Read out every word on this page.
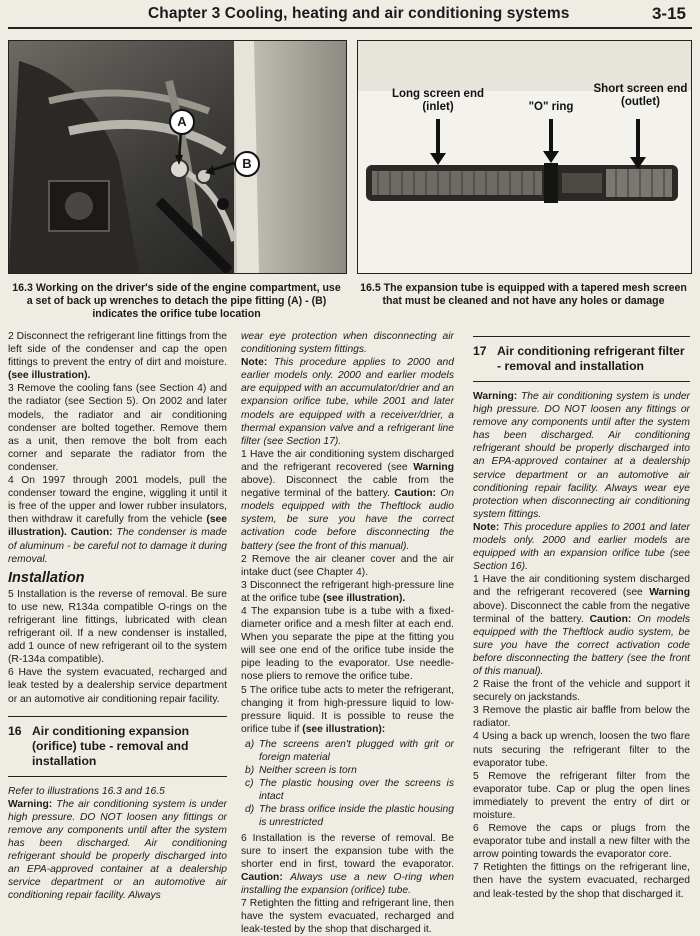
Chapter 3 Cooling, heating and air conditioning systems	3-15
A
B
Long screen end (inlet)	"O" ring
Short screen end (outlet)
16.3 Working on the driver's side of the engine compartment, use a set of back up wrenches to detach the pipe fitting (A) - (B) indicates the orifice tube location
16.5 The expansion tube is equipped with a tapered mesh screen that must be cleaned and not have any holes or damage

2 Disconnect the refrigerant line fittings from the left side of the condenser and cap the open fittings to prevent the entry of dirt and moisture. (see illustration).

3 Remove the cooling fans (see Section 4) and the radiator (see Section 5). On 2002 and later models, the radiator and air conditioning condenser are bolted together. Remove them as a unit, then remove the bolt from each corner and separate the radiator from the condenser.

4 On 1997 through 2001 models, pull the condenser toward the engine, wiggling it until it is free of the upper and lower rubber insulators, then withdraw it carefully from the vehicle (see illustration). Caution: The condenser is made of aluminum - be careful not to damage it during removal.

Installation

5 Installation is the reverse of removal. Be sure to use new, R134a compatible O-rings on the refrigerant line fittings, lubricated with clean refrigerant oil. If a new condenser is installed, add 1 ounce of new refrigerant oil to the system (R-134a compatible).

6 Have the system evacuated, recharged and leak tested by a dealership service department or an automotive air conditioning repair facility.

16 Air conditioning expansion (orifice) tube - removal and installation

Refer to illustrations 16.3 and 16.5

Warning: The air conditioning system is under high pressure. DO NOT loosen any fittings or remove any components until after the system has been discharged. Air conditioning refrigerant should be properly discharged into an EPA-approved container at a dealership service department or an automotive air conditioning repair facility. Always

wear eye protection when disconnecting air conditioning system fittings.

Note: This procedure applies to 2000 and earlier models only. 2000 and earlier models are equipped with an accumulator/drier and an expansion orifice tube, while 2001 and later models are equipped with a receiver/drier, a thermal expansion valve and a refrigerant line filter (see Section 17).

1 Have the air conditioning system discharged and the refrigerant recovered (see Warning above). Disconnect the cable from the negative terminal of the battery. Caution: On models equipped with the Theftlock audio system, be sure you have the correct activation code before disconnecting the battery (see the front of this manual).

2 Remove the air cleaner cover and the air intake duct (see Chapter 4).

3 Disconnect the refrigerant high-pressure line at the orifice tube (see illustration).

4 The expansion tube is a tube with a fixed-diameter orifice and a mesh filter at each end. When you separate the pipe at the fitting you will see one end of the orifice tube inside the pipe leading to the evaporator. Use needle-nose pliers to remove the orifice tube.

5 The orifice tube acts to meter the refrigerant, changing it from high-pressure liquid to low-pressure liquid. It is possible to reuse the orifice tube if (see illustration):

a) The screens aren't plugged with grit or foreign material
b) Neither screen is torn
c) The plastic housing over the screens is intact
d) The brass orifice inside the plastic housing is unrestricted

6 Installation is the reverse of removal. Be sure to insert the expansion tube with the shorter end in first, toward the evaporator. Caution: Always use a new O-ring when installing the expansion (orifice) tube.

7 Retighten the fitting and refrigerant line, then have the system evacuated, recharged and leak-tested by the shop that discharged it.

17 Air conditioning refrigerant filter - removal and installation

Warning: The air conditioning system is under high pressure. DO NOT loosen any fittings or remove any components until after the system has been discharged. Air conditioning refrigerant should be properly discharged into an EPA-approved container at a dealership service department or an automotive air conditioning repair facility. Always wear eye protection when disconnecting air conditioning system fittings.

Note: This procedure applies to 2001 and later models only. 2000 and earlier models are equipped with an expansion orifice tube (see Section 16).

1 Have the air conditioning system discharged and the refrigerant recovered (see Warning above). Disconnect the cable from the negative terminal of the battery. Caution: On models equipped with the Theftlock audio system, be sure you have the correct activation code before disconnecting the battery (see the front of this manual).

2 Raise the front of the vehicle and support it securely on jackstands.

3 Remove the plastic air baffle from below the radiator.

4 Using a back up wrench, loosen the two flare nuts securing the refrigerant filter to the evaporator tube.

5 Remove the refrigerant filter from the evaporator tube. Cap or plug the open lines immediately to prevent the entry of dirt or moisture.

6 Remove the caps or plugs from the evaporator tube and install a new filter with the arrow pointing towards the evaporator core.

7 Retighten the fittings on the refrigerant line, then have the system evacuated, recharged and leak-tested by the shop that discharged it.
